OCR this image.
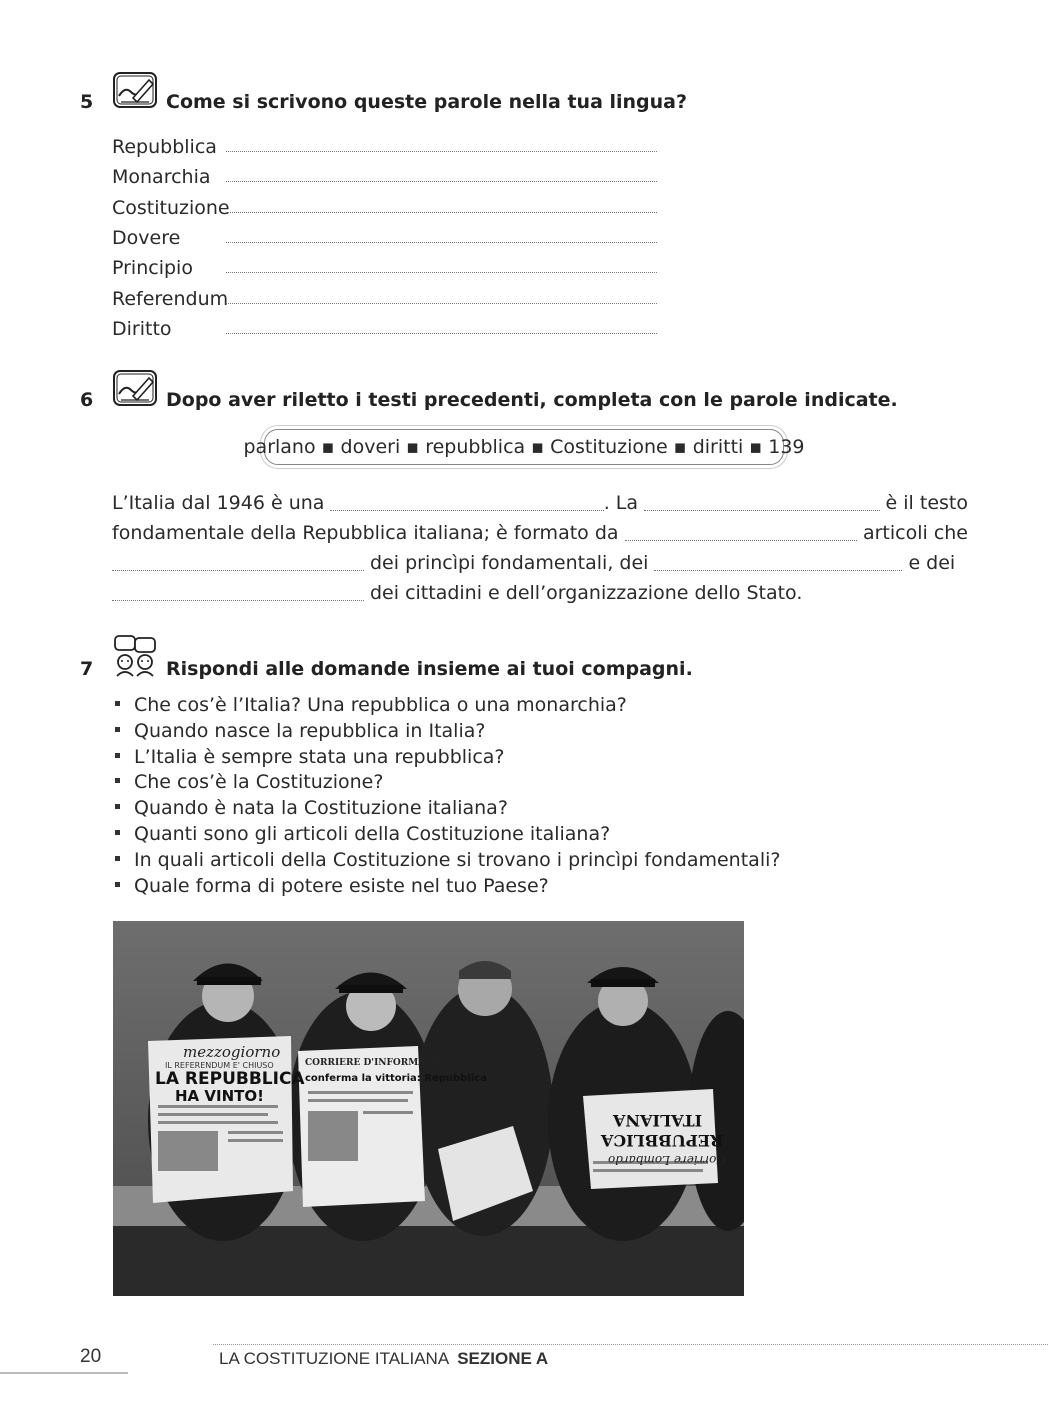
5	Come si scrivono queste parole nella tua lingua?
Repubblica
Monarchia
Costituzione
Dovere
Principio
Referendum
Diritto
6	Dopo aver riletto i testi precedenti, completa con le parole indicate.
parlano ▪ doveri ▪ repubblica ▪ Costituzione ▪ diritti ▪ 139
L’Italia dal 1946 è una	. La	è il testo
fondamentale della Repubblica italiana; è formato da	articoli che
dei princìpi fondamentali, dei	e dei
dei cittadini e dell’organizzazione dello Stato.
7	Rispondi alle domande insieme ai tuoi compagni.
Che cos’è l’Italia? Una repubblica o una monarchia?
Quando nasce la repubblica in Italia?
L’Italia è sempre stata una repubblica?
Che cos’è la Costituzione?
Quando è nata la Costituzione italiana?
Quanti sono gli articoli della Costituzione italiana?
In quali articoli della Costituzione si trovano i princìpi fondamentali?
Quale forma di potere esiste nel tuo Paese?
mezzogiorno
IL REFERENDUM E' CHIUSO
LA REPUBBLICA
HA VINTO!
CORRIERE D'INFORMAZIONE
conferma la vittoria: Repubblica
Corriere Lombardo
REPUBBLICA
ITALIANA
20	LA COSTITUZIONE ITALIANA SEZIONE A
